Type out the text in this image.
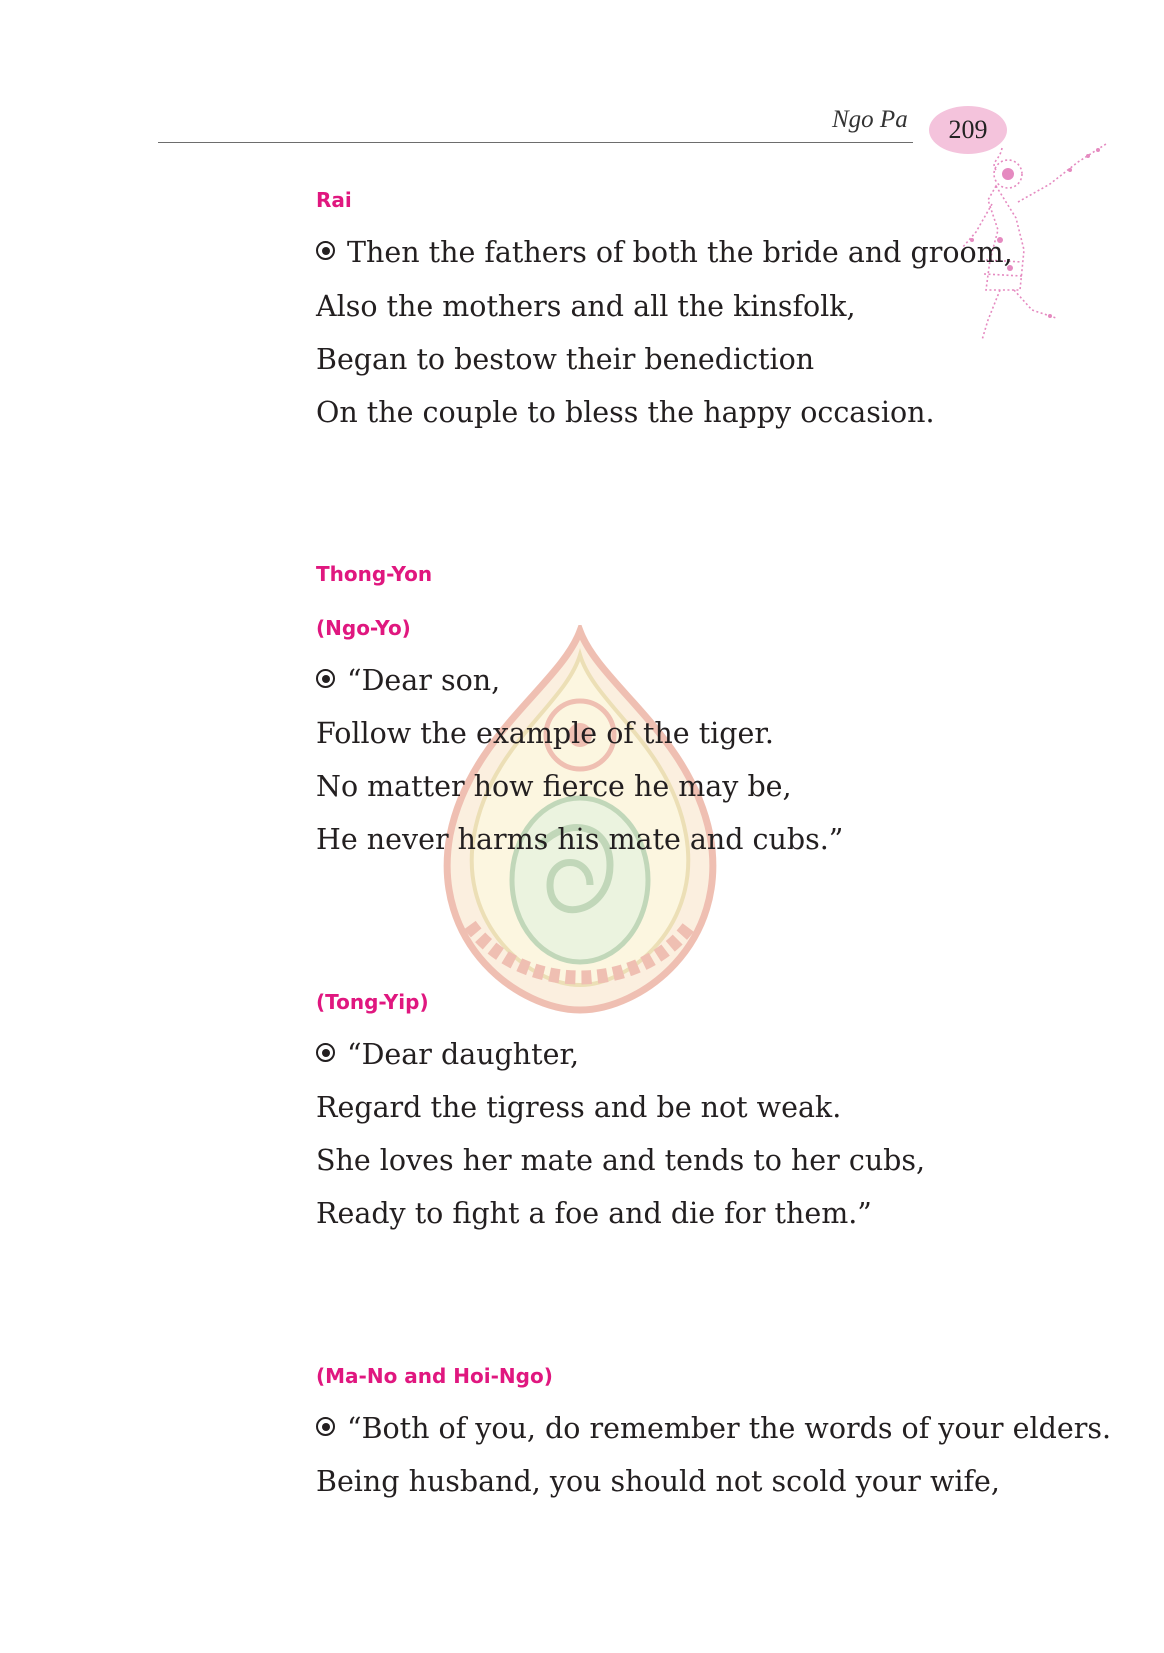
Ngo Pa 209
Rai
Then the fathers of both the bride and groom,
Also the mothers and all the kinsfolk,
Began to bestow their benediction
On the couple to bless the happy occasion.
Thong-Yon
(Ngo-Yo)
“Dear son,
Follow the example of the tiger.
No matter how fierce he may be,
He never harms his mate and cubs.”
(Tong-Yip)
“Dear daughter,
Regard the tigress and be not weak.
She loves her mate and tends to her cubs,
Ready to fight a foe and die for them.”
(Ma-No and Hoi-Ngo)
“Both of you, do remember the words of your elders.
Being husband, you should not scold your wife,
